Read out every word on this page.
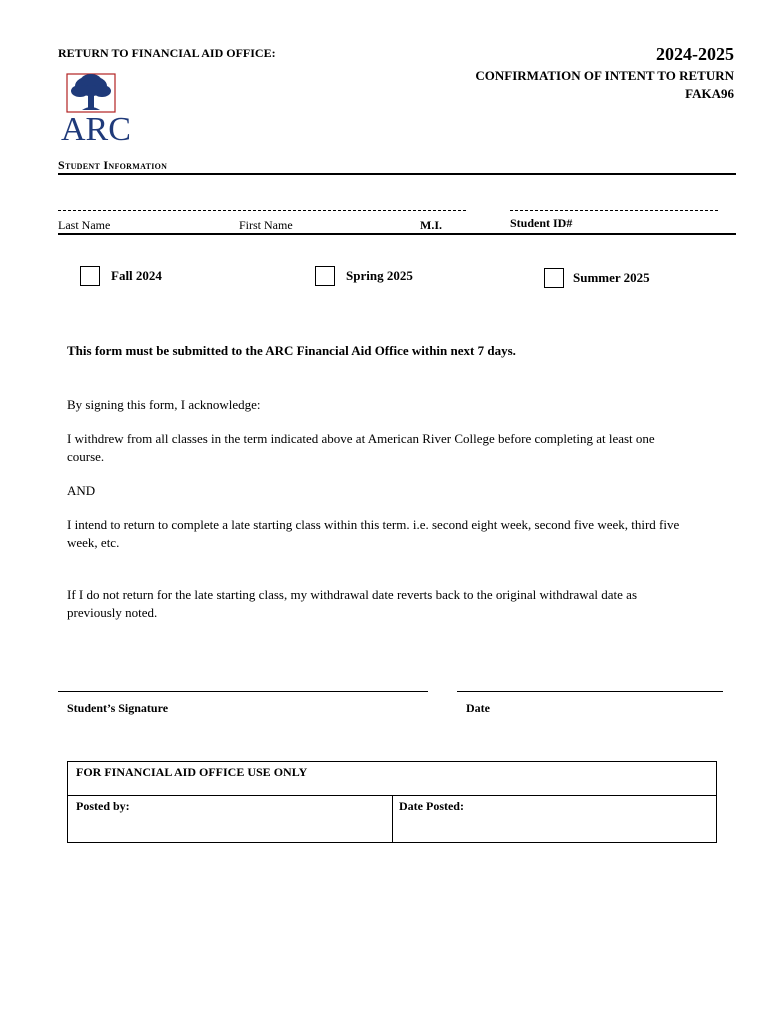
RETURN TO FINANCIAL AID OFFICE:	2024-2025
CONFIRMATION OF INTENT TO RETURN
FAKA96
ARC
Student Information
Last Name	First Name	M.I.	Student ID#
Fall 2024	Spring 2025	Summer 2025
This form must be submitted to the ARC Financial Aid Office within next 7 days.
By signing this form, I acknowledge:
I withdrew from all classes in the term indicated above at American River College before completing at least one course.
AND
I intend to return to complete a late starting class within this term. i.e. second eight week, second five week, third five week, etc.
If I do not return for the late starting class, my withdrawal date reverts back to the original withdrawal date as previously noted.
Student’s Signature	Date
FOR FINANCIAL AID OFFICE USE ONLY
Posted by:	Date Posted:
